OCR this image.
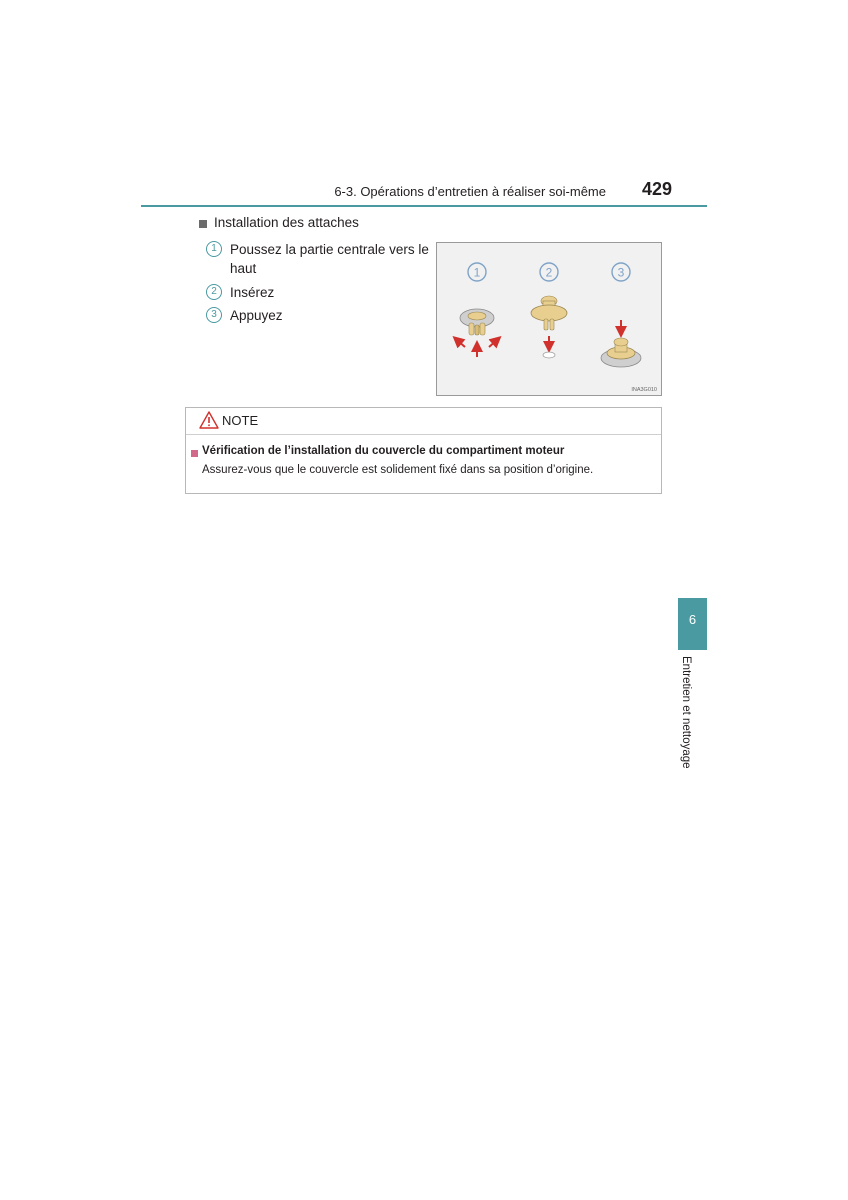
6-3. Opérations d’entretien à réaliser soi-même	429
Installation des attaches
1 Poussez la partie centrale vers le haut
2 Insérez
3 Appuyez
1	2	3
INA3G010
NOTE
Vérification de l’installation du couvercle du compartiment moteur
Assurez-vous que le couvercle est solidement fixé dans sa position d’origine.
6
Entretien et nettoyage
